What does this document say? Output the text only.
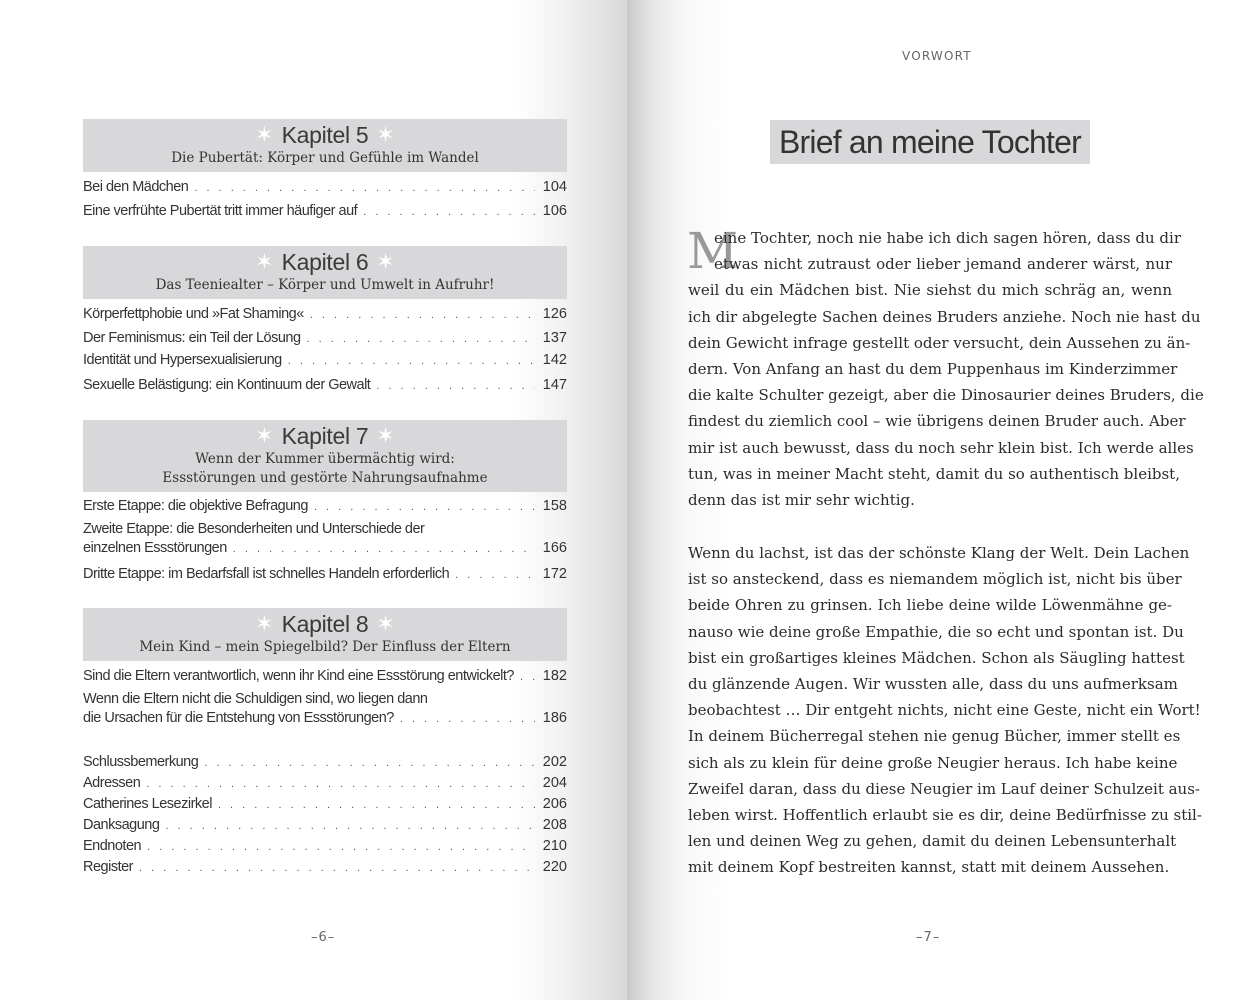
✶ Kapitel 5 ✶
Die Pubertät: Körper und Gefühle im Wandel
Bei den Mädchen . . .	104
Eine verfrühte Pubertät tritt immer häufiger auf . . .	106
✶ Kapitel 6 ✶
Das Teeniealter – Körper und Umwelt in Aufruhr!
Körperfettphobie und »Fat Shaming« . . .	126
Der Feminismus: ein Teil der Lösung . . .	137
Identität und Hypersexualisierung . . .	142
Sexuelle Belästigung: ein Kontinuum der Gewalt . . .	147
✶ Kapitel 7 ✶
Wenn der Kummer übermächtig wird:
Essstörungen und gestörte Nahrungsaufnahme
Erste Etappe: die objektive Befragung . . .	158
Zweite Etappe: die Besonderheiten und Unterschiede der
einzelnen Essstörungen . . .	166
Dritte Etappe: im Bedarfsfall ist schnelles Handeln erforderlich . . .	172
✶ Kapitel 8 ✶
Mein Kind – mein Spiegelbild? Der Einfluss der Eltern
Sind die Eltern verantwortlich, wenn ihr Kind eine Essstörung entwickelt? . . . 182
Wenn die Eltern nicht die Schuldigen sind, wo liegen dann
die Ursachen für die Entstehung von Essstörungen? . . .	186
Schlussbemerkung . . .	202
Adressen . . .	204
Catherines Lesezirkel . . .	206
Danksagung . . .	208
Endnoten . . .	210
Register . . .	220
–6–
VORWORT
Brief an meine Tochter
M
eine Tochter, noch nie habe ich dich sagen hören, dass du dir
etwas nicht zutraust oder lieber jemand anderer wärst, nur
weil du ein Mädchen bist. Nie siehst du mich schräg an, wenn
ich dir abgelegte Sachen deines Bruders anziehe. Noch nie hast du
dein Gewicht infrage gestellt oder versucht, dein Aussehen zu än-
dern. Von Anfang an hast du dem Puppenhaus im Kinderzimmer
die kalte Schulter gezeigt, aber die Dinosaurier deines Bruders, die
findest du ziemlich cool – wie übrigens deinen Bruder auch. Aber
mir ist auch bewusst, dass du noch sehr klein bist. Ich werde alles
tun, was in meiner Macht steht, damit du so authentisch bleibst,
denn das ist mir sehr wichtig.
Wenn du lachst, ist das der schönste Klang der Welt. Dein Lachen
ist so ansteckend, dass es niemandem möglich ist, nicht bis über
beide Ohren zu grinsen. Ich liebe deine wilde Löwenmähne ge-
nauso wie deine große Empathie, die so echt und spontan ist. Du
bist ein großartiges kleines Mädchen. Schon als Säugling hattest
du glänzende Augen. Wir wussten alle, dass du uns aufmerksam
beobachtest … Dir entgeht nichts, nicht eine Geste, nicht ein Wort!
In deinem Bücherregal stehen nie genug Bücher, immer stellt es
sich als zu klein für deine große Neugier heraus. Ich habe keine
Zweifel daran, dass du diese Neugier im Lauf deiner Schulzeit aus-
leben wirst. Hoffentlich erlaubt sie es dir, deine Bedürfnisse zu stil-
len und deinen Weg zu gehen, damit du deinen Lebensunterhalt
mit deinem Kopf bestreiten kannst, statt mit deinem Aussehen.
–7–
